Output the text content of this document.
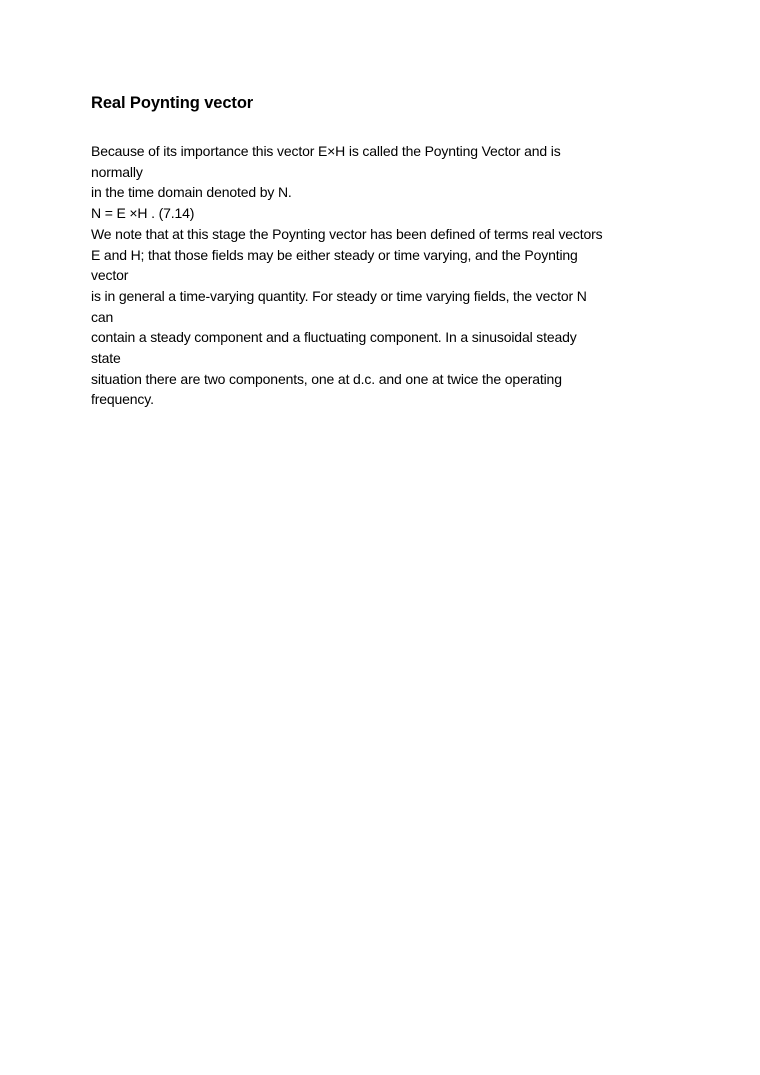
Real Poynting vector
Because of its importance this vector E×H is called the Poynting Vector and is
normally
in the time domain denoted by N.
N = E ×H . (7.14)
We note that at this stage the Poynting vector has been defined of terms real vectors
E and H; that those fields may be either steady or time varying, and the Poynting
vector
is in general a time-varying quantity. For steady or time varying fields, the vector N
can
contain a steady component and a fluctuating component. In a sinusoidal steady
state
situation there are two components, one at d.c. and one at twice the operating
frequency.
